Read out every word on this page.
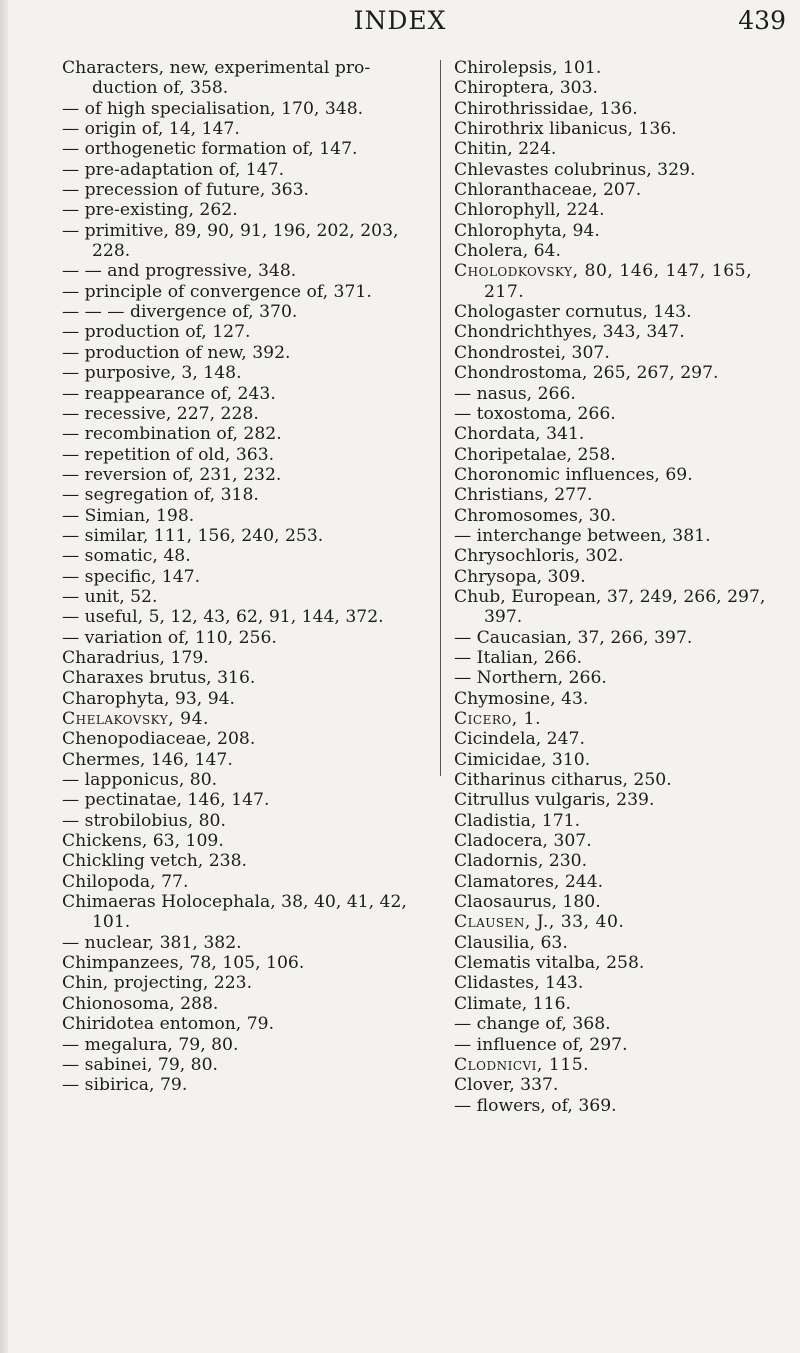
INDEX	439
Characters, new, experimental pro-duction of, 358.
— of high specialisation, 170, 348.
— origin of, 14, 147.
— orthogenetic formation of, 147.
— pre-adaptation of, 147.
— precession of future, 363.
— pre-existing, 262.
— primitive, 89, 90, 91, 196, 202, 203, 228.
— — and progressive, 348.
— principle of convergence of, 371.
— — — divergence of, 370.
— production of, 127.
— production of new, 392.
— purposive, 3, 148.
— reappearance of, 243.
— recessive, 227, 228.
— recombination of, 282.
— repetition of old, 363.
— reversion of, 231, 232.
— segregation of, 318.
— Simian, 198.
— similar, 111, 156, 240, 253.
— somatic, 48.
— specific, 147.
— unit, 52.
— useful, 5, 12, 43, 62, 91, 144, 372.
— variation of, 110, 256.
Charadrius, 179.
Charaxes brutus, 316.
Charophyta, 93, 94.
Chelakovsky, 94.
Chenopodiaceae, 208.
Chermes, 146, 147.
— lapponicus, 80.
— pectinatae, 146, 147.
— strobilobius, 80.
Chickens, 63, 109.
Chickling vetch, 238.
Chilopoda, 77.
Chimaeras Holocephala, 38, 40, 41, 42, 101.
— nuclear, 381, 382.
Chimpanzees, 78, 105, 106.
Chin, projecting, 223.
Chionosoma, 288.
Chiridotea entomon, 79.
— megalura, 79, 80.
— sabinei, 79, 80.
— sibirica, 79.
Chirolepsis, 101.
Chiroptera, 303.
Chirothrissidae, 136.
Chirothrix libanicus, 136.
Chitin, 224.
Chlevastes colubrinus, 329.
Chloranthaceae, 207.
Chlorophyll, 224.
Chlorophyta, 94.
Cholera, 64.
Cholodkovsky, 80, 146, 147, 165, 217.
Chologaster cornutus, 143.
Chondrichthyes, 343, 347.
Chondrostei, 307.
Chondrostoma, 265, 267, 297.
— nasus, 266.
— toxostoma, 266.
Chordata, 341.
Choripetalae, 258.
Choronomic influences, 69.
Christians, 277.
Chromosomes, 30.
— interchange between, 381.
Chrysochloris, 302.
Chrysopa, 309.
Chub, European, 37, 249, 266, 297, 397.
— Caucasian, 37, 266, 397.
— Italian, 266.
— Northern, 266.
Chymosine, 43.
Cicero, 1.
Cicindela, 247.
Cimicidae, 310.
Citharinus citharus, 250.
Citrullus vulgaris, 239.
Cladistia, 171.
Cladocera, 307.
Cladornis, 230.
Clamatores, 244.
Claosaurus, 180.
Clausen, J., 33, 40.
Clausilia, 63.
Clematis vitalba, 258.
Clidastes, 143.
Climate, 116.
— change of, 368.
— influence of, 297.
Clodnicvi, 115.
Clover, 337.
— flowers, of, 369.
